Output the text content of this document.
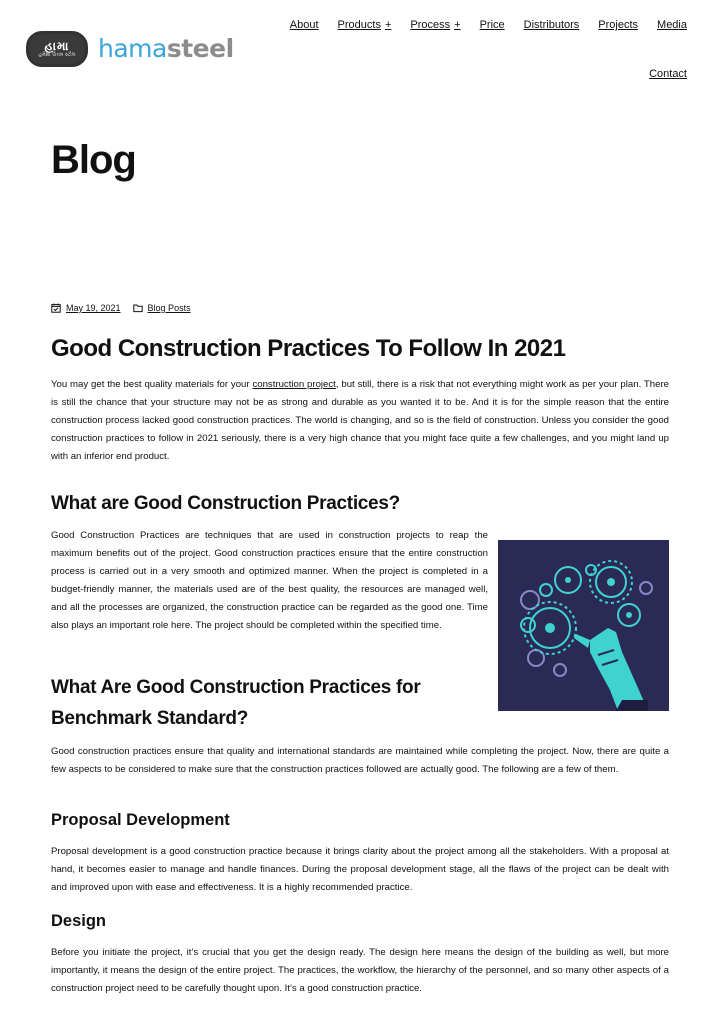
હામા
હમેશા ઉત્તમ સ્ટીલ hamasteel
About Products + Process + Price Distributors Projects Media
Contact
Blog
May 19, 2021	Blog Posts
Good Construction Practices To Follow In 2021

You may get the best quality materials for your construction project, but still, there is a risk that not everything might work as per your plan. There is still the chance that your structure may not be as strong and durable as you wanted it to be. And it is for the simple reason that the entire construction process lacked good construction practices. The world is changing, and so is the field of construction. Unless you consider the good construction practices to follow in 2021 seriously, there is a very high chance that you might face quite a few challenges, and you might land up with an inferior end product.

What are Good Construction Practices?

Good Construction Practices are techniques that are used in construction projects to reap the maximum benefits out of the project. Good construction practices ensure that the entire construction process is carried out in a very smooth and optimized manner. When the project is completed in a budget-friendly manner, the materials used are of the best quality, the resources are managed well, and all the processes are organized, the construction practice can be regarded as the good one. Time also plays an important role here. The project should be completed within the specified time.

What Are Good Construction Practices for Benchmark Standard?

Good construction practices ensure that quality and international standards are maintained while completing the project. Now, there are quite a few aspects to be considered to make sure that the construction practices followed are actually good. The following are a few of them.

Proposal Development

Proposal development is a good construction practice because it brings clarity about the project among all the stakeholders. With a proposal at hand, it becomes easier to manage and handle finances. During the proposal development stage, all the flaws of the project can be dealt with and improved upon with ease and effectiveness. It is a highly recommended practice.

Design

Before you initiate the project, it’s crucial that you get the design ready. The design here means the design of the building as well, but more importantly, it means the design of the entire project. The practices, the workflow, the hierarchy of the personnel, and so many other aspects of a construction project need to be carefully thought upon. It’s a good construction practice.
